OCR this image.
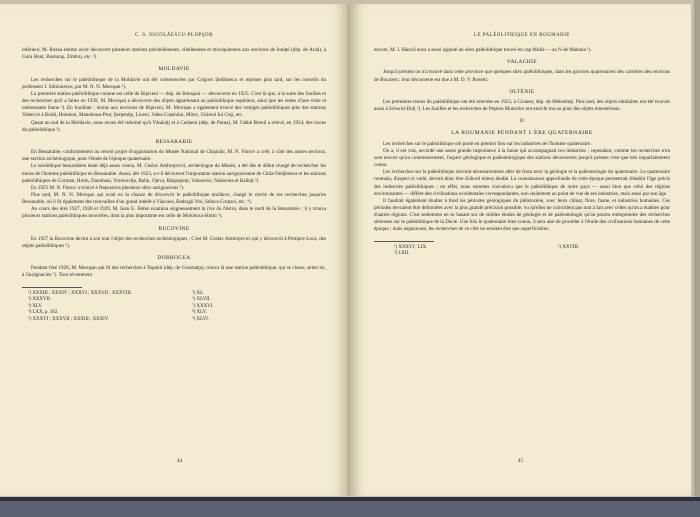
C. S. NICOLĂESCU-PLOPŞOR

inférieur, M. Roska estime avoir découvert plusieurs stations préchelléennes, chelléennes et micoquiennes aux environs de Ioniţel (dép. de Arad), à Gura Hont, Bosturaş, Zimbru, etc. ³).

MOLDAVIE

Les recherches sur le paléolithique de la Moldavie ont été commencées par Grigore Ştefănescu et reprises plus tard, sur les conseils du professeur I. Simionescu, par M. N. N. Moroşan ¹).

La première station paléolithique connue est celle de Ripiceni — dép. de Botoşani — découverte en 1925. C'est là que, à la suite des fouilles et des recherches qu'il a faites en 1928, M. Moroşan a découvert des objets appartenant au paléolithique supérieur, ainsi que les restes d'une riche et intéressante faune ²). En fouillant : moins aux environs de Ripiceni, M. Moroşan a également trouvé des vestiges paléolithiques près des stations Valeni et à Boldi, Hointeni, Manoleasa-Prut, Şerpeniţa, Liveni, Valea Coşeiului, Mitoc, Ghireni Iui Coţi, etc.

Quant au sud de la Moldavie, nous avons été informé qu'à Vânăoiţi et à Codaeni (dép. de Putna), M. l'abbé Breuil a relevé, en 1924, des traces du paléolithique ³).

BESSARABIE

En Bessarabie, conformément au récent projet d'organisation du Musée National de Chişinău, M. N. Florov a créé, à côté des autres sections, une section archéologique, pour l'étude de l'époque quaternaire.

Le néolithique bessarabien étant déjà assez connu, M. Ceslav Ambrojevici, archéologue du Musée, a été dès le début chargé de rechercher les traces de l'homme paléolithique en Bessarabie. Aussi, dès 1923, a-t-il découvert l'importante station aurignacienne de Chila-Nedjimeca et les stations paléolithiques de Corman, Hotin, Danubani, Voronoviţa, Balin, Ojeva, Răspopinţi, Valoacrov, Nadarvea et Balinţi ²).

En 1925 M. N. Florov a trouvé à Nepostova plusieurs silex aurignaciens ³).

Plus tard, M. N. N. Moroşan qui avait eu la chance de découvrir le paléolithique moldave, chargé le cercle de ses recherches jusqu'en Bessarabie, où il fit également des trouvailles d'un grand intérêt à Văscuea, Badragii Noi, Stânca Corpaci, etc. ⁴).

Au cours des étés 1927, 1928 et 1929, M. Ioan G. Botez examina soigneusement la rive du Nistru, dans le nord de la Bessarabie ; il y trouva plusieurs stations paléolithiques nouvelles, dont la plus importante est celle de Moloboca-Hotin ⁵).

BUCOVINE

En 1927 la Bucovine devint à son tour l'objet des recherches archéologiques ; C'est M. Ceslav Ambrojevici qui y découvrit à Pretipce-Loca, des objets paléolithiques ⁶).

DOBROGEA

Pendant l'été 1928, M. Moroşan qui fit des recherches à Topalul (dép. de Constanţa), trouva là une station paléolithique, qui se classe, selon lui, à l'aurignacien ⁷). Tout récemment

¹) XXXIII ; XXXIV ; XXXVI ; XXXVII ; XXXVIII.	⁵) XL.
²) XXXVII.	⁶) XLVII.
³) XLV.	⁷) XXXVI.
⁴) LXX, p. 102.	⁸) XLV.
⁵) XXXVI ; XXXVII ; XXXIII ; XXXIV.	⁹) XLVI.
44
LE PALÉOLITHIQUE EN ROUMANIE

encore, M. I. Bănciă nous a aussi signalé un silex paléolithique trouvé en cap Midia — au N de Mamaia ¹).

VALACHIE

Jusqu'à présent on n'a trouvé dans cette province que quelques silex paléolithiques, dans les graviers quaternaires des carrières des environs de Bucarest ; leur découverte est due à M. D. V. Rosetti.

OLTÉNIE

Les premières traces du paléolithique ont été relevées en 1923, à Cioaner, dép. de Mehedinţi. Plus tard, des objets similaires ont été trouvés aussi à Schorul-Dolj ²). Les fouilles et les recherches de Peştera Muierilor ont enrichi ma ou pour des objets monstérieus.

II
LA ROUMANIE PENDANT L'ÈRE QUATERNAIRE

Les recherches sur le paléolithique ont porté en premier lieu sur les industries de l'homme quaternaire.

On a, il est vrai, accordé une assez grande importance à la faune qui accompagnait ces industries ; cependant, comme les recherches n'en sont encore qu'au commencement, l'aspect géologique et paléontologique des stations découvertes jusqu'à présent n'est que très imparfaitement connu.

Les recherches sur le paléolithique doivent nécessairement aller de front avec la géologie et la paléontologie du quaternaire. Le quaternaire roumain, d'aspect si varié, devrait donc être d'abord mieux étudié. La connaissance approfondie de cette époque permettrait d'établir l'âge précis des industries paléolithiques ; en effet, nous sommes convaincu que le paléolithique de notre pays — aussi bien que celui des régions environnantes — diffère des civilisations occidentales correspondantes, non seulement au point de vue de ses industries, mais aussi par son âge.

Il faudrait également étudier à fond les périodes géologiques du pléistocène, avec leurs climat, flore, faune, et industries humaines. Ces périodes devraient être délimitées avec la plus grande précision possible, vu qu'elles ne coïncident pas tout à fait avec celles qu'on a établies pour d'autres régions. C'est seulement en se basant sur de solides études de géologie et de paléontologie qu'on pourra entreprendre des recherches sérieuses sur le paléolithique de la Dacie. Une fois le quaternaire bien connu, il sera aisé de procéder à l'étude des civilisations humaines de cette époque ; mais auparavant, les recherches de ce côté ne seraient être que superficielles.

¹) XXXVI ; LIX.	²) XXVIII.
³) LXII.
45
